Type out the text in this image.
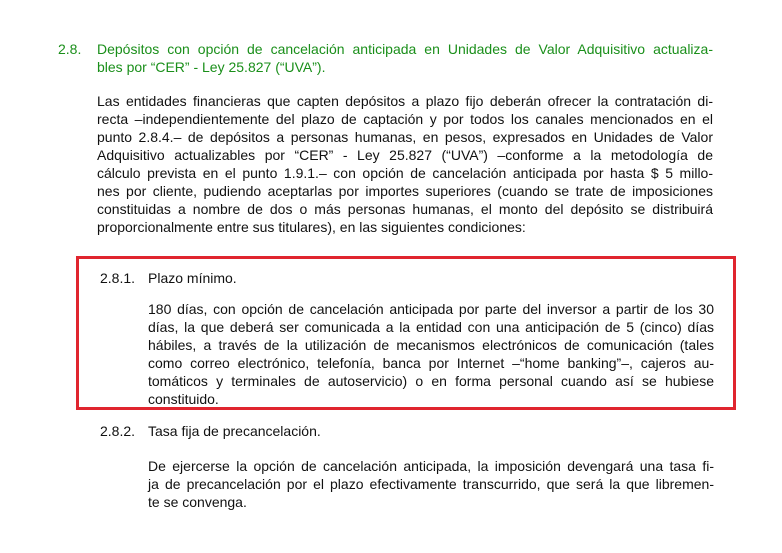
2.8. Depósitos con opción de cancelación anticipada en Unidades de Valor Adquisitivo actualiza-
bles por “CER” - Ley 25.827 (“UVA”).
Las entidades financieras que capten depósitos a plazo fijo deberán ofrecer la contratación di-
recta –independientemente del plazo de captación y por todos los canales mencionados en el
punto 2.8.4.– de depósitos a personas humanas, en pesos, expresados en Unidades de Valor
Adquisitivo actualizables por “CER” - Ley 25.827 (“UVA”) –conforme a la metodología de
cálculo prevista en el punto 1.9.1.– con opción de cancelación anticipada por hasta $ 5 millo-
nes por cliente, pudiendo aceptarlas por importes superiores (cuando se trate de imposiciones
constituidas a nombre de dos o más personas humanas, el monto del depósito se distribuirá
proporcionalmente entre sus titulares), en las siguientes condiciones:
2.8.1. Plazo mínimo.
180 días, con opción de cancelación anticipada por parte del inversor a partir de los 30
días, la que deberá ser comunicada a la entidad con una anticipación de 5 (cinco) días
hábiles, a través de la utilización de mecanismos electrónicos de comunicación (tales
como correo electrónico, telefonía, banca por Internet –“home banking”–, cajeros au-
tomáticos y terminales de autoservicio) o en forma personal cuando así se hubiese
constituido.
2.8.2. Tasa fija de precancelación.
De ejercerse la opción de cancelación anticipada, la imposición devengará una tasa fi-
ja de precancelación por el plazo efectivamente transcurrido, que será la que libremen-
te se convenga.
